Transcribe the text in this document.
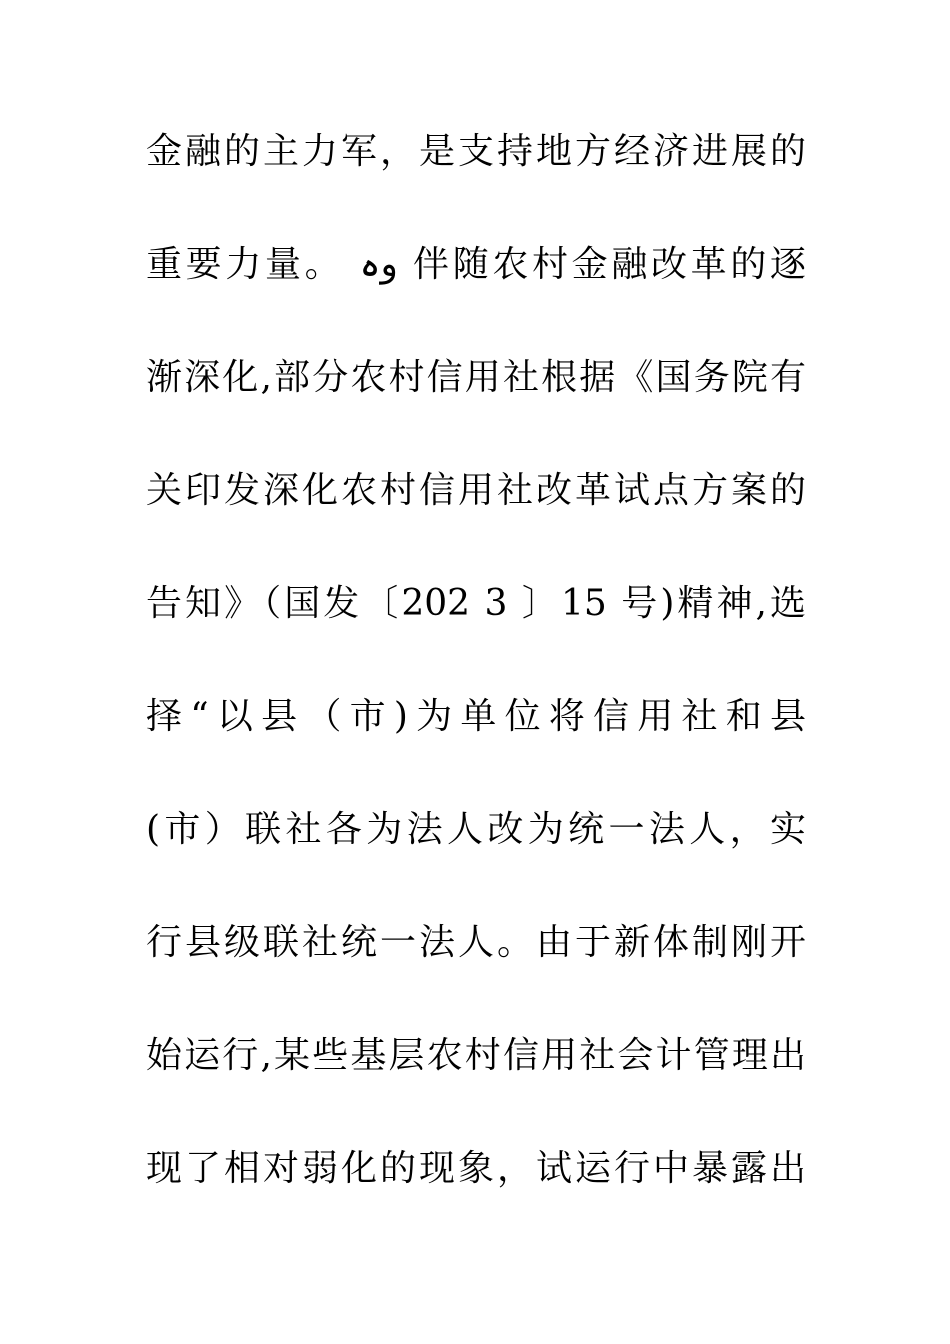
金融的主力军，是支持地方经济进展的
重要力量。 وہ 伴随农村金融改革的逐
渐深化,部分农村信用社根据《国务院有
关印发深化农村信用社改革试点方案的
告知》（国发〔202 3 〕15 号)精神,选
择“以县（市)为单位将信用社和县
(市）联社各为法人改为统一法人，实
行县级联社统一法人。由于新体制刚开
始运行,某些基层农村信用社会计管理出
现了相对弱化的现象，试运行中暴露出
